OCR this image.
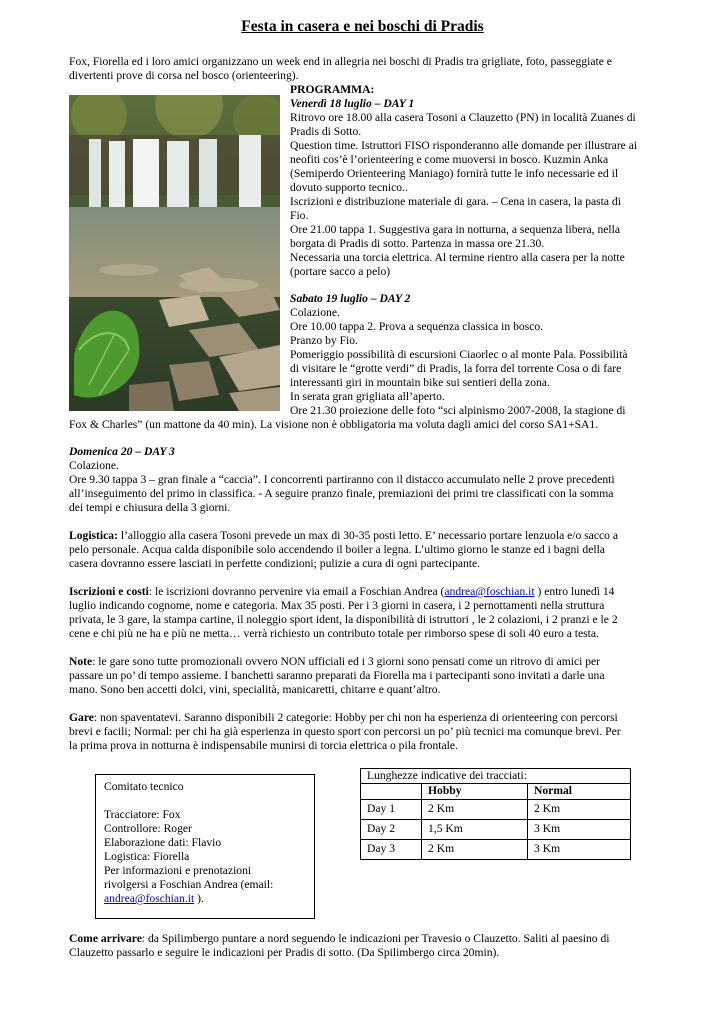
Festa in casera e nei boschi di Pradis
Fox, Fiorella ed i loro amici organizzano un week end in allegria nei boschi di Pradis tra grigliate, foto, passeggiate e
divertenti prove di corsa nel bosco (orienteering).
PROGRAMMA:
Venerdì 18 luglio – DAY 1
Ritrovo ore 18.00 alla casera Tosoni a Clauzetto (PN) in località Zuanes di
Pradis di Sotto.
Question time. Istruttori FISO risponderanno alle domande per illustrare ai
neofiti cos’è l’orienteering e come muoversi in bosco. Kuzmin Anka
(Semiperdo Orienteering Maniago) fornirà tutte le info necessarie ed il
dovuto supporto tecnico..
Iscrizioni e distribuzione materiale di gara. – Cena in casera, la pasta di
Fio.
Ore 21.00 tappa 1. Suggestiva gara in notturna, a sequenza libera, nella
borgata di Pradis di sotto. Partenza in massa ore 21.30.
Necessaria una torcia elettrica. Al termine rientro alla casera per la notte
(portare sacco a pelo)
Sabato 19 luglio – DAY 2
Colazione.
Ore 10.00 tappa 2. Prova a sequenza classica in bosco.
Pranzo by Fio.
Pomeriggio possibilità di escursioni Ciaorlec o al monte Pala. Possibilità
di visitare le “grotte verdi” di Pradis, la forra del torrente Cosa o di fare
interessanti giri in mountain bike sui sentieri della zona.
In serata gran grigliata all’aperto.
Ore 21.30 proiezione delle foto “sci alpinismo 2007-2008, la stagione di
Fox & Charles” (un mattone da 40 min). La visione non è obbligatoria ma voluta dagli amici del corso SA1+SA1.
Domenica 20 – DAY 3
Colazione.
Ore 9.30 tappa 3 – gran finale a “caccia”. I concorrenti partiranno con il distacco accumulato nelle 2 prove precedenti
all’inseguimento del primo in classifica. - A seguire pranzo finale, premiazioni dei primi tre classificati con la somma
dei tempi e chiusura della 3 giorni.
Logistica: l’alloggio alla casera Tosoni prevede un max di 30-35 posti letto. E’ necessario portare lenzuola e/o sacco a
pelo personale. Acqua calda disponibile solo accendendo il boiler a legna. L’ultimo giorno le stanze ed i bagni della
casera dovranno essere lasciati in perfette condizioni; pulizie a cura di ogni partecipante.
Iscrizioni e costi: le iscrizioni dovranno pervenire via email a Foschian Andrea (andrea@foschian.it ) entro lunedì 14
luglio indicando cognome, nome e categoria. Max 35 posti. Per i 3 giorni in casera, i 2 pernottamenti nella struttura
privata, le 3 gare, la stampa cartine, il noleggio sport ident, la disponibilità di istruttori , le 2 colazioni, i 2 pranzi e le 2
cene e chi più ne ha e più ne metta… verrà richiesto un contributo totale per rimborso spese di soli 40 euro a testa.
Note: le gare sono tutte promozionali ovvero NON ufficiali ed i 3 giorni sono pensati come un ritrovo di amici per
passare un po’ di tempo assieme. I banchetti saranno preparati da Fiorella ma i partecipanti sono invitati a darle una
mano. Sono ben accetti dolci, vini, specialità, manicaretti, chitarre e quant’altro.
Gare: non spaventatevi. Saranno disponibili 2 categorie: Hobby per chi non ha esperienza di orienteering con percorsi
brevi e facili; Normal: per chi ha già esperienza in questo sport con percorsi un po’ più tecnici ma comunque brevi. Per
la prima prova in notturna è indispensabile munirsi di torcia elettrica o pila frontale.
Comitato tecnico
Tracciatore: Fox
Controllore: Roger
Elaborazione dati: Flavio
Logistica: Fiorella
Per informazioni e prenotazioni
rivolgersi a Foschian Andrea (email:
andrea@foschian.it ).
Lunghezze indicative dei tracciati:		
	Hobby	Normal
Day 1	2 Km	2 Km
Day 2	1,5 Km	3 Km
Day 3	2 Km	3 Km
Come arrivare: da Spilimbergo puntare a nord seguendo le indicazioni per Travesio o Clauzetto. Saliti al paesino di
Clauzetto passarlo e seguire le indicazioni per Pradis di sotto. (Da Spilimbergo circa 20min).
